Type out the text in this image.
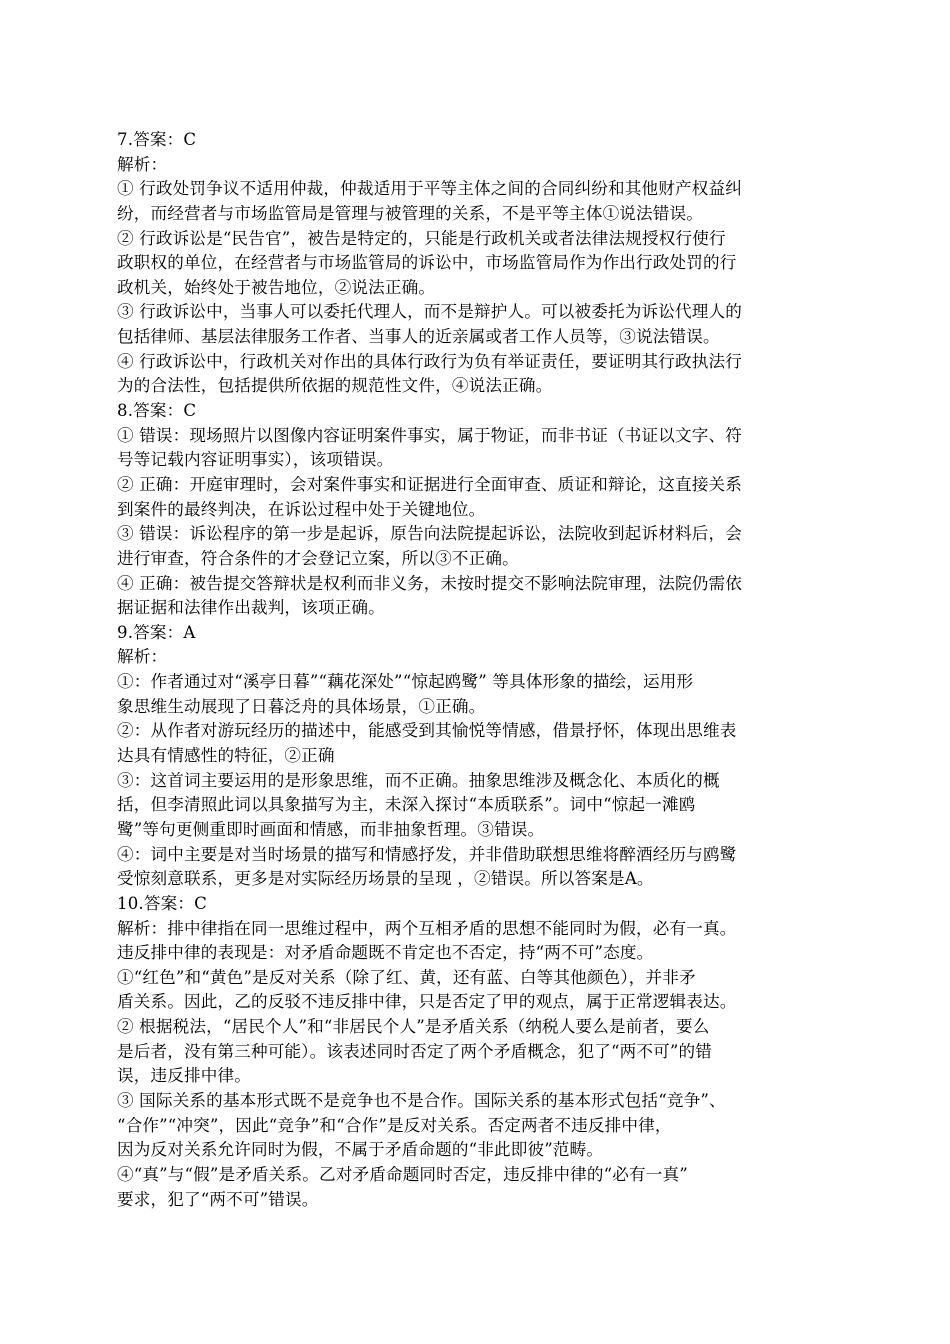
7.答案：C
解析：
① 行政处罚争议不适用仲裁，仲裁适用于平等主体之间的合同纠纷和其他财产权益纠
纷，而经营者与市场监管局是管理与被管理的关系，不是平等主体①说法错误。
② 行政诉讼是“民告官”，被告是特定的，只能是行政机关或者法律法规授权行使行
政职权的单位，在经营者与市场监管局的诉讼中，市场监管局作为作出行政处罚的行
政机关，始终处于被告地位，②说法正确。
③ 行政诉讼中，当事人可以委托代理人，而不是辩护人。可以被委托为诉讼代理人的
包括律师、基层法律服务工作者、当事人的近亲属或者工作人员等，③说法错误。
④ 行政诉讼中，行政机关对作出的具体行政行为负有举证责任，要证明其行政执法行
为的合法性，包括提供所依据的规范性文件，④说法正确。
8.答案：C
① 错误：现场照片以图像内容证明案件事实，属于物证，而非书证（书证以文字、符
号等记载内容证明事实），该项错误。
② 正确：开庭审理时，会对案件事实和证据进行全面审查、质证和辩论，这直接关系
到案件的最终判决，在诉讼过程中处于关键地位。
③ 错误：诉讼程序的第一步是起诉，原告向法院提起诉讼，法院收到起诉材料后，会
进行审查，符合条件的才会登记立案，所以③不正确。
④ 正确：被告提交答辩状是权利而非义务，未按时提交不影响法院审理，法院仍需依
据证据和法律作出裁判，该项正确。
9.答案：A
解析：
①：作者通过对“溪亭日暮”“藕花深处”“惊起鸥鹭” 等具体形象的描绘，运用形
象思维生动展现了日暮泛舟的具体场景，①正确。
②：从作者对游玩经历的描述中，能感受到其愉悦等情感，借景抒怀，体现出思维表
达具有情感性的特征，②正确
③：这首词主要运用的是形象思维，而不正确。抽象思维涉及概念化、本质化的概
括，但李清照此词以具象描写为主，未深入探讨“本质联系”。词中“惊起一滩鸥
鹭”等句更侧重即时画面和情感，而非抽象哲理。③错误。
④：词中主要是对当时场景的描写和情感抒发，并非借助联想思维将醉酒经历与鸥鹭
受惊刻意联系，更多是对实际经历场景的呈现 ，②错误。所以答案是A。
10.答案：C
解析：排中律指在同一思维过程中，两个互相矛盾的思想不能同时为假，必有一真。
违反排中律的表现是：对矛盾命题既不肯定也不否定，持“两不可”态度。
①“红色”和“黄色”是反对关系（除了红、黄，还有蓝、白等其他颜色），并非矛
盾关系。因此，乙的反驳不违反排中律，只是否定了甲的观点，属于正常逻辑表达。
② 根据税法，“居民个人”和“非居民个人”是矛盾关系（纳税人要么是前者，要么
是后者，没有第三种可能）。该表述同时否定了两个矛盾概念，犯了“两不可”的错
误，违反排中律。
③ 国际关系的基本形式既不是竞争也不是合作。国际关系的基本形式包括“竞争”、
“合作”“冲突”，因此“竞争”和“合作”是反对关系。否定两者不违反排中律，
因为反对关系允许同时为假，不属于矛盾命题的“非此即彼”范畴。
④“真”与“假”是矛盾关系。乙对矛盾命题同时否定，违反排中律的“必有一真”
要求，犯了“两不可”错误。
